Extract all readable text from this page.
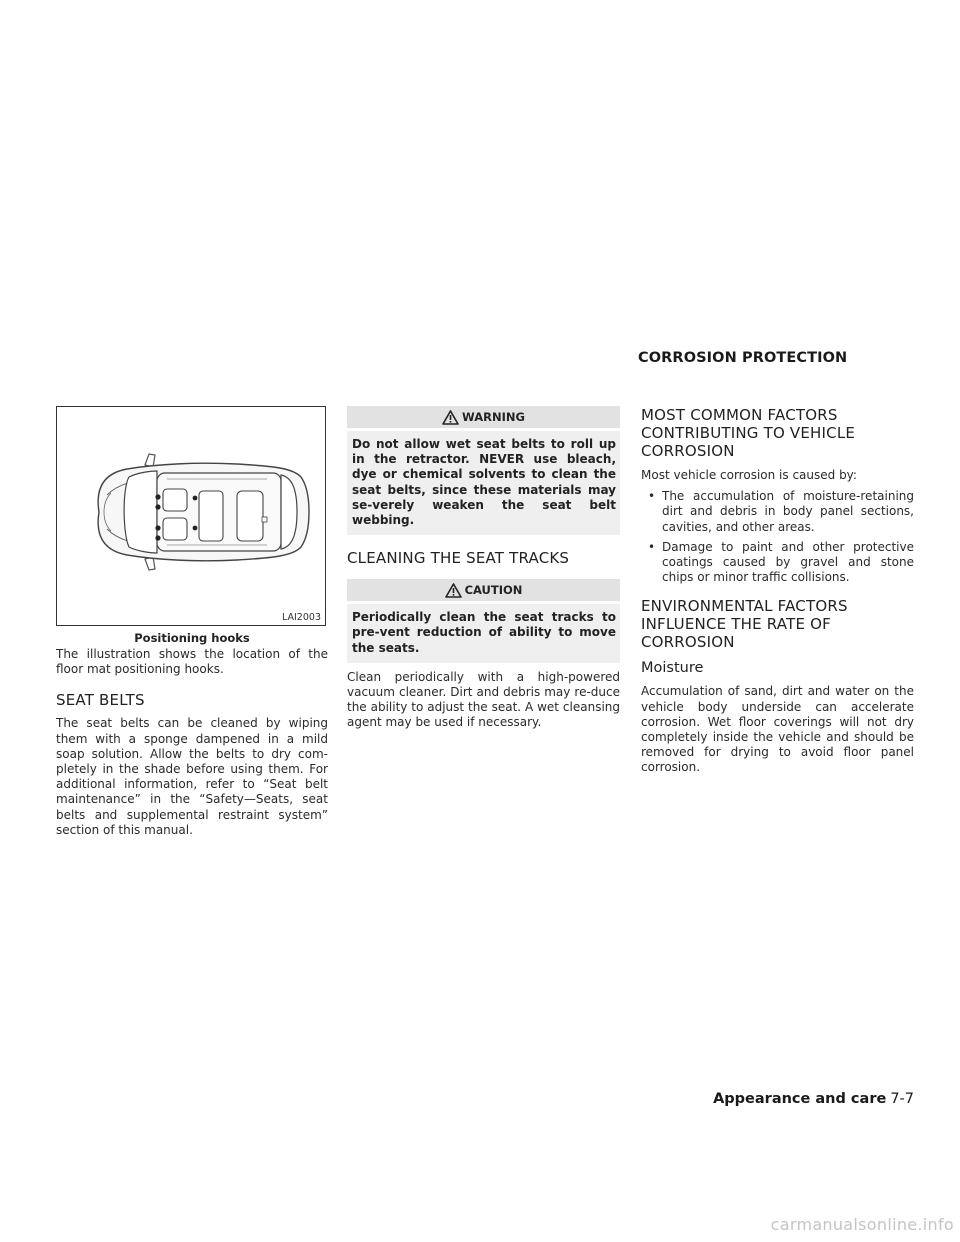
CORROSION PROTECTION
LAI2003
Positioning hooks

The illustration shows the location of the floor mat positioning hooks.

SEAT BELTS

The seat belts can be cleaned by wiping them with a sponge dampened in a mild soap solution. Allow the belts to dry com-pletely in the shade before using them. For additional information, refer to “Seat belt maintenance” in the “Safety—Seats, seat belts and supplemental restraint system” section of this manual.

WARNING

Do not allow wet seat belts to roll up in the retractor. NEVER use bleach, dye or chemical solvents to clean the seat belts, since these materials may se-verely weaken the seat belt webbing.

CLEANING THE SEAT TRACKS
CAUTION

Periodically clean the seat tracks to pre-vent reduction of ability to move the seats.

Clean periodically with a high-powered vacuum cleaner. Dirt and debris may re-duce the ability to adjust the seat. A wet cleansing agent may be used if necessary.

MOST COMMON FACTORS CONTRIBUTING TO VEHICLE CORROSION

Most vehicle corrosion is caused by:

• The accumulation of moisture-retaining dirt and debris in body panel sections, cavities, and other areas.
• Damage to paint and other protective coatings caused by gravel and stone chips or minor traffic collisions.
ENVIRONMENTAL FACTORS INFLUENCE THE RATE OF CORROSION
Moisture

Accumulation of sand, dirt and water on the vehicle body underside can accelerate corrosion. Wet floor coverings will not dry completely inside the vehicle and should be removed for drying to avoid floor panel corrosion.

Appearance and care 7-7
carmanualsonline.info
